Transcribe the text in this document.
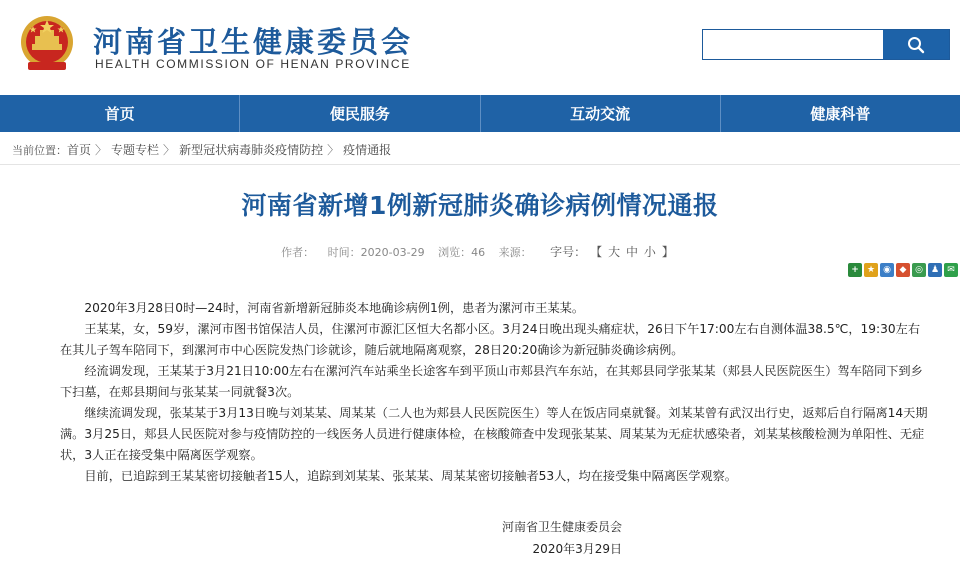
河南省卫生健康委员会
HEALTH COMMISSION OF HENAN PROVINCE
首页	便民服务	互动交流	健康科普
当前位置： 首页 〉 专题专栏 〉 新型冠状病毒肺炎疫情防控 〉 疫情通报
河南省新增1例新冠肺炎确诊病例情况通报
作者： 时间：2020-03-29 浏览：46 来源： 字号： 【 大 中 小 】
+ ★ ◉ ◆ ◎ ♟ ✉

　　2020年3月28日0时—24时，河南省新增新冠肺炎本地确诊病例1例，患者为漯河市王某某。

　　王某某，女，59岁，漯河市图书馆保洁人员，住漯河市源汇区恒大名都小区。3月24日晚出现头痛症状，26日下午17:00左右自测体温38.5℃，19:30左右在其儿子驾车陪同下，到漯河市中心医院发热门诊就诊，随后就地隔离观察，28日20:20确诊为新冠肺炎确诊病例。

　　经流调发现，王某某于3月21日10:00左右在漯河汽车站乘坐长途客车到平顶山市郏县汽车东站，在其郏县同学张某某（郏县人民医院医生）驾车陪同下到乡下扫墓，在郏县期间与张某某一同就餐3次。

　　继续流调发现，张某某于3月13日晚与刘某某、周某某（二人也为郏县人民医院医生）等人在饭店同桌就餐。刘某某曾有武汉出行史，返郏后自行隔离14天期满。3月25日，郏县人民医院对参与疫情防控的一线医务人员进行健康体检，在核酸筛查中发现张某某、周某某为无症状感染者，刘某某核酸检测为单阳性、无症状，3人正在接受集中隔离医学观察。

　　目前，已追踪到王某某密切接触者15人，追踪到刘某某、张某某、周某某密切接触者53人，均在接受集中隔离医学观察。

河南省卫生健康委员会
2020年3月29日
